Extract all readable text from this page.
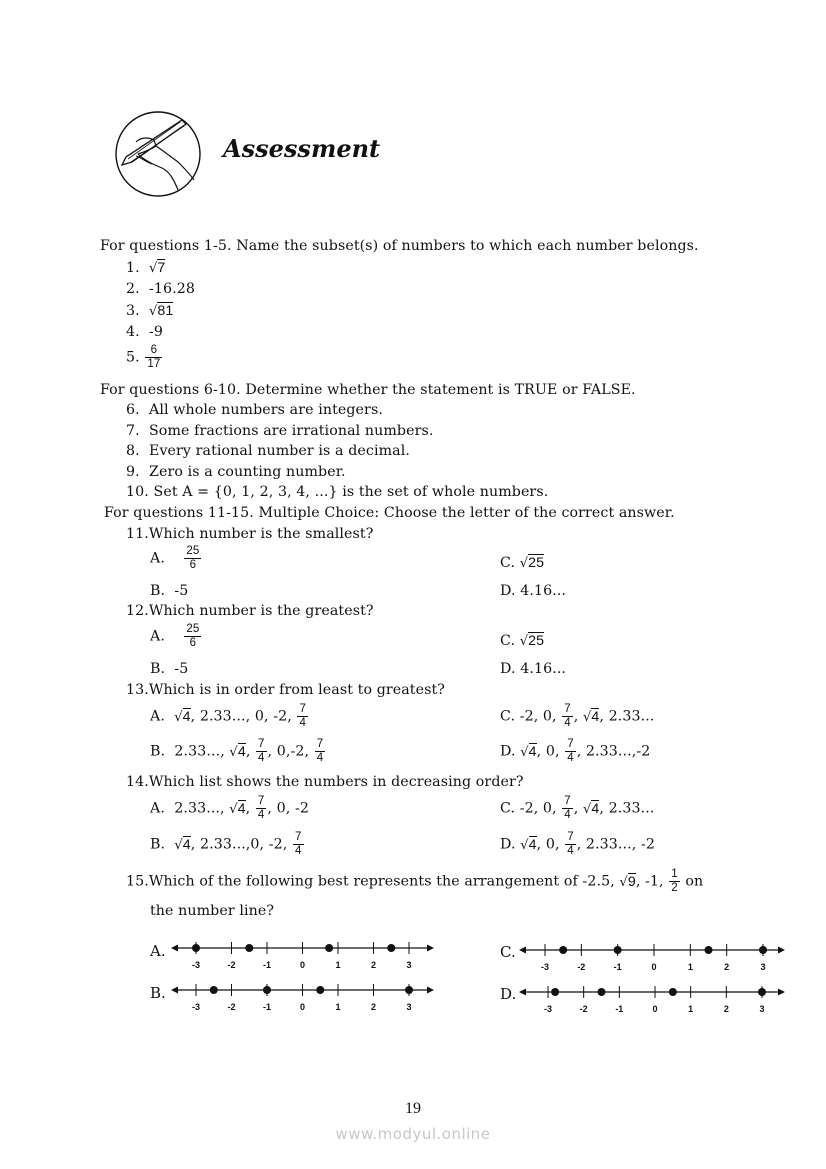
Assessment
For questions 1-5. Name the subset(s) of numbers to which each number belongs.
1. √7
2. -16.28
3. √81
4. -9
5. $\frac{6}{17}$
For questions 6-10. Determine whether the statement is TRUE or FALSE.
6. All whole numbers are integers.
7. Some fractions are irrational numbers.
8. Every rational number is a decimal.
9. Zero is a counting number.
10. Set A = {0, 1, 2, 3, 4, ...} is the set of whole numbers.
For questions 11-15. Multiple Choice: Choose the letter of the correct answer.
11.Which number is the smallest?
A. $\frac{25}{6}$	C. √25
B. -5	D. 4.16...
12.Which number is the greatest?
A. $\frac{25}{6}$	C. √25
B. -5	D. 4.16...
13.Which is in order from least to greatest?
A. √4, 2.33..., 0, -2, $\frac{7}{4}$	C. -2, 0, $\frac{7}{4}$ , √4, 2.33...
B. 2.33..., √4, $\frac{7}{4}$ , 0,-2, $\frac{7}{4}$	D. √4, 0, $\frac{7}{4}$ , 2.33...,-2
14.Which list shows the numbers in decreasing order?
A. 2.33..., √4, $\frac{7}{4}$ , 0, -2	C. -2, 0, $\frac{7}{4}$ , √4, 2.33...
B. √4, 2.33...,0, -2, $\frac{7}{4}$	D. √4, 0, $\frac{7}{4}$ , 2.33..., -2
15.Which of the following best represents the arrangement of -2.5, √9, -1, $\frac{1}{2}$ on
the number line?
A.
-3	-2	-1	0	1	2	3
B.
-3	-2	-1	0	1	2	3
C.
-3	-2	-1	0	1	2	3
D.
-3	-2	-1	0	1	2	3
19
www.modyul.online
